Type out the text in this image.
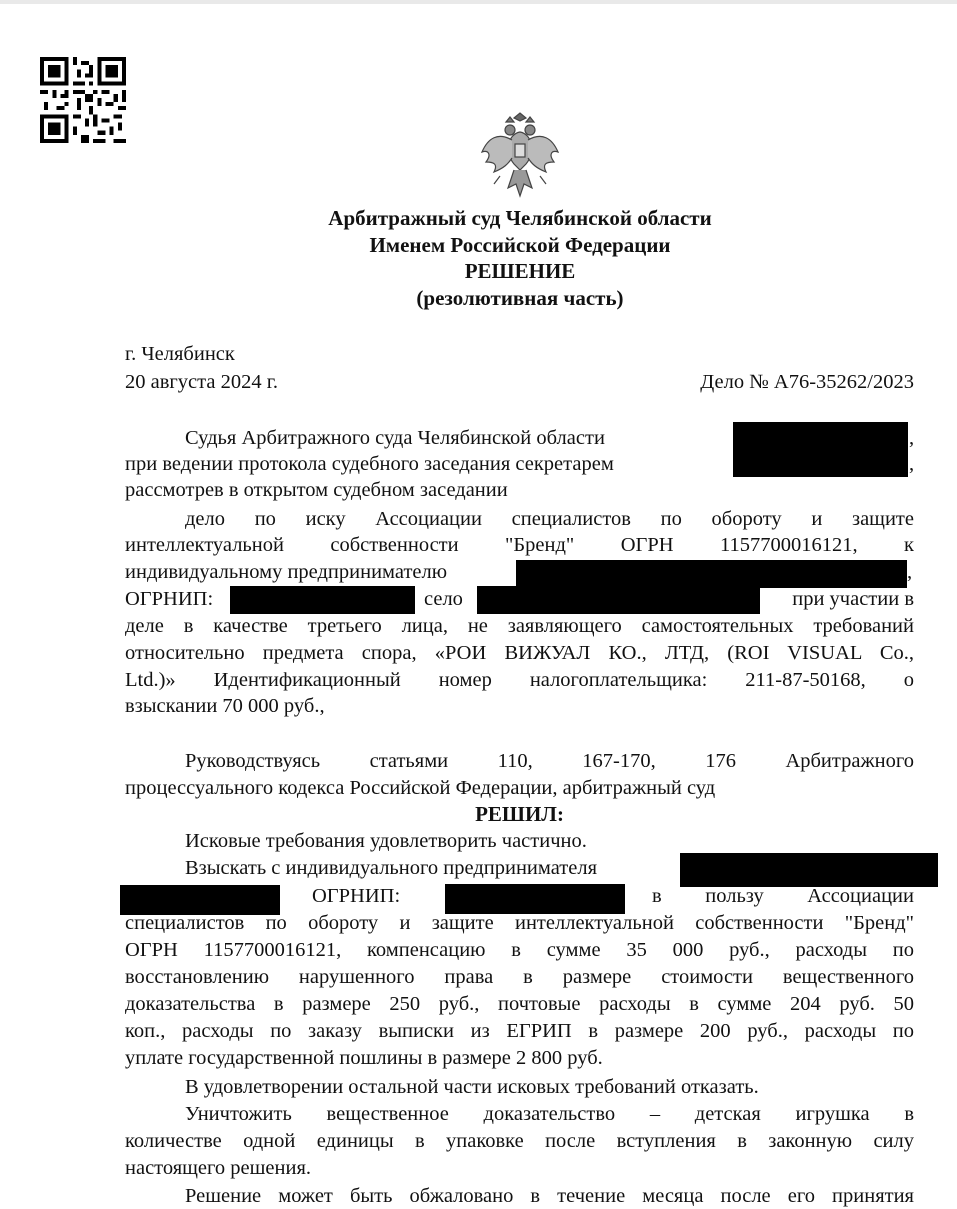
Арбитражный суд Челябинской области
Именем Российской Федерации
РЕШЕНИЕ
(резолютивная часть)
г. Челябинск
20 августа 2024 г.	Дело № А76-35262/2023
Судья Арбитражного суда Челябинской области	,
при ведении протокола судебного заседания секретарем	,
рассмотрев в открытом судебном заседании
дело по иску Ассоциации специалистов по обороту и защите
интеллектуальной собственности "Бренд" ОГРН 1157700016121, к
индивидуальному предпринимателю	,
ОГРНИП:	село	при участии в
деле в качестве третьего лица, не заявляющего самостоятельных требований
относительно предмета спора, «РОИ ВИЖУАЛ КО., ЛТД, (ROI VISUAL Co.,
Ltd.)» Идентификационный номер налогоплательщика: 211-87-50168, о
взыскании 70 000 руб.,
Руководствуясь статьями 110, 167-170, 176 Арбитражного
процессуального кодекса Российской Федерации, арбитражный суд
РЕШИЛ:
Исковые требования удовлетворить частично.
Взыскать с индивидуального предпринимателя
ОГРНИП:	в пользу Ассоциации
специалистов по обороту и защите интеллектуальной собственности "Бренд"
ОГРН 1157700016121, компенсацию в сумме 35 000 руб., расходы по
восстановлению нарушенного права в размере стоимости вещественного
доказательства в размере 250 руб., почтовые расходы в сумме 204 руб. 50
коп., расходы по заказу выписки из ЕГРИП в размере 200 руб., расходы по
уплате государственной пошлины в размере 2 800 руб.
В удовлетворении остальной части исковых требований отказать.
Уничтожить вещественное доказательство – детская игрушка в
количестве одной единицы в упаковке после вступления в законную силу
настоящего решения.
Решение может быть обжаловано в течение месяца после его принятия
